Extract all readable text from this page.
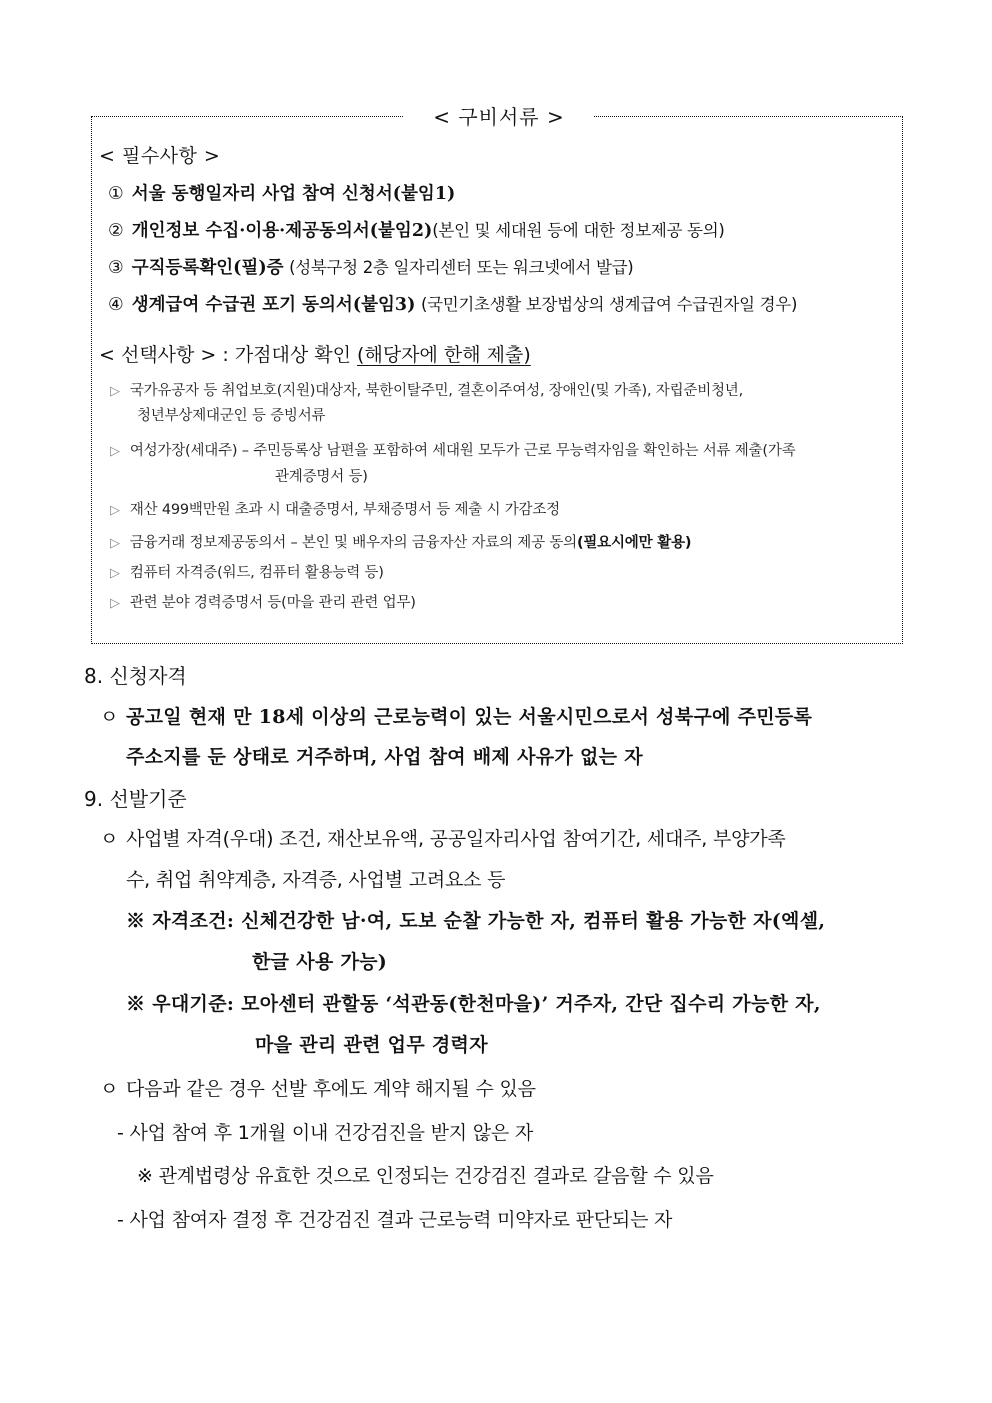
< 구비서류 >
< 필수사항 >
① 서울 동행일자리 사업 참여 신청서(붙임1)
② 개인정보 수집·이용·제공동의서(붙임2)(본인 및 세대원 등에 대한 정보제공 동의)
③ 구직등록확인(필)증 (성북구청 2층 일자리센터 또는 워크넷에서 발급)
④ 생계급여 수급권 포기 동의서(붙임3) (국민기초생활 보장법상의 생계급여 수급권자일 경우)
< 선택사항 > : 가점대상 확인 (해당자에 한해 제출)
▷ 국가유공자 등 취업보호(지원)대상자, 북한이탈주민, 결혼이주여성, 장애인(및 가족), 자립준비청년,
청년부상제대군인 등 증빙서류
▷ 여성가장(세대주) – 주민등록상 남편을 포함하여 세대원 모두가 근로 무능력자임을 확인하는 서류 제출(가족
관계증명서 등)
▷ 재산 499백만원 초과 시 대출증명서, 부채증명서 등 제출 시 가감조정
▷ 금융거래 정보제공동의서 – 본인 및 배우자의 금융자산 자료의 제공 동의(필요시에만 활용)
▷ 컴퓨터 자격증(워드, 컴퓨터 활용능력 등)
▷ 관련 분야 경력증명서 등(마을 관리 관련 업무)
8. 신청자격
ㅇ 공고일 현재 만 18세 이상의 근로능력이 있는 서울시민으로서 성북구에 주민등록
주소지를 둔 상태로 거주하며, 사업 참여 배제 사유가 없는 자
9. 선발기준
ㅇ 사업별 자격(우대) 조건, 재산보유액, 공공일자리사업 참여기간, 세대주, 부양가족
수, 취업 취약계층, 자격증, 사업별 고려요소 등
※ 자격조건: 신체건강한 남·여, 도보 순찰 가능한 자, 컴퓨터 활용 가능한 자(엑셀,
한글 사용 가능)
※ 우대기준: 모아센터 관할동 ‘석관동(한천마을)’ 거주자, 간단 집수리 가능한 자,
마을 관리 관련 업무 경력자
ㅇ 다음과 같은 경우 선발 후에도 계약 해지될 수 있음
- 사업 참여 후 1개월 이내 건강검진을 받지 않은 자
※ 관계법령상 유효한 것으로 인정되는 건강검진 결과로 갈음할 수 있음
- 사업 참여자 결정 후 건강검진 결과 근로능력 미약자로 판단되는 자
